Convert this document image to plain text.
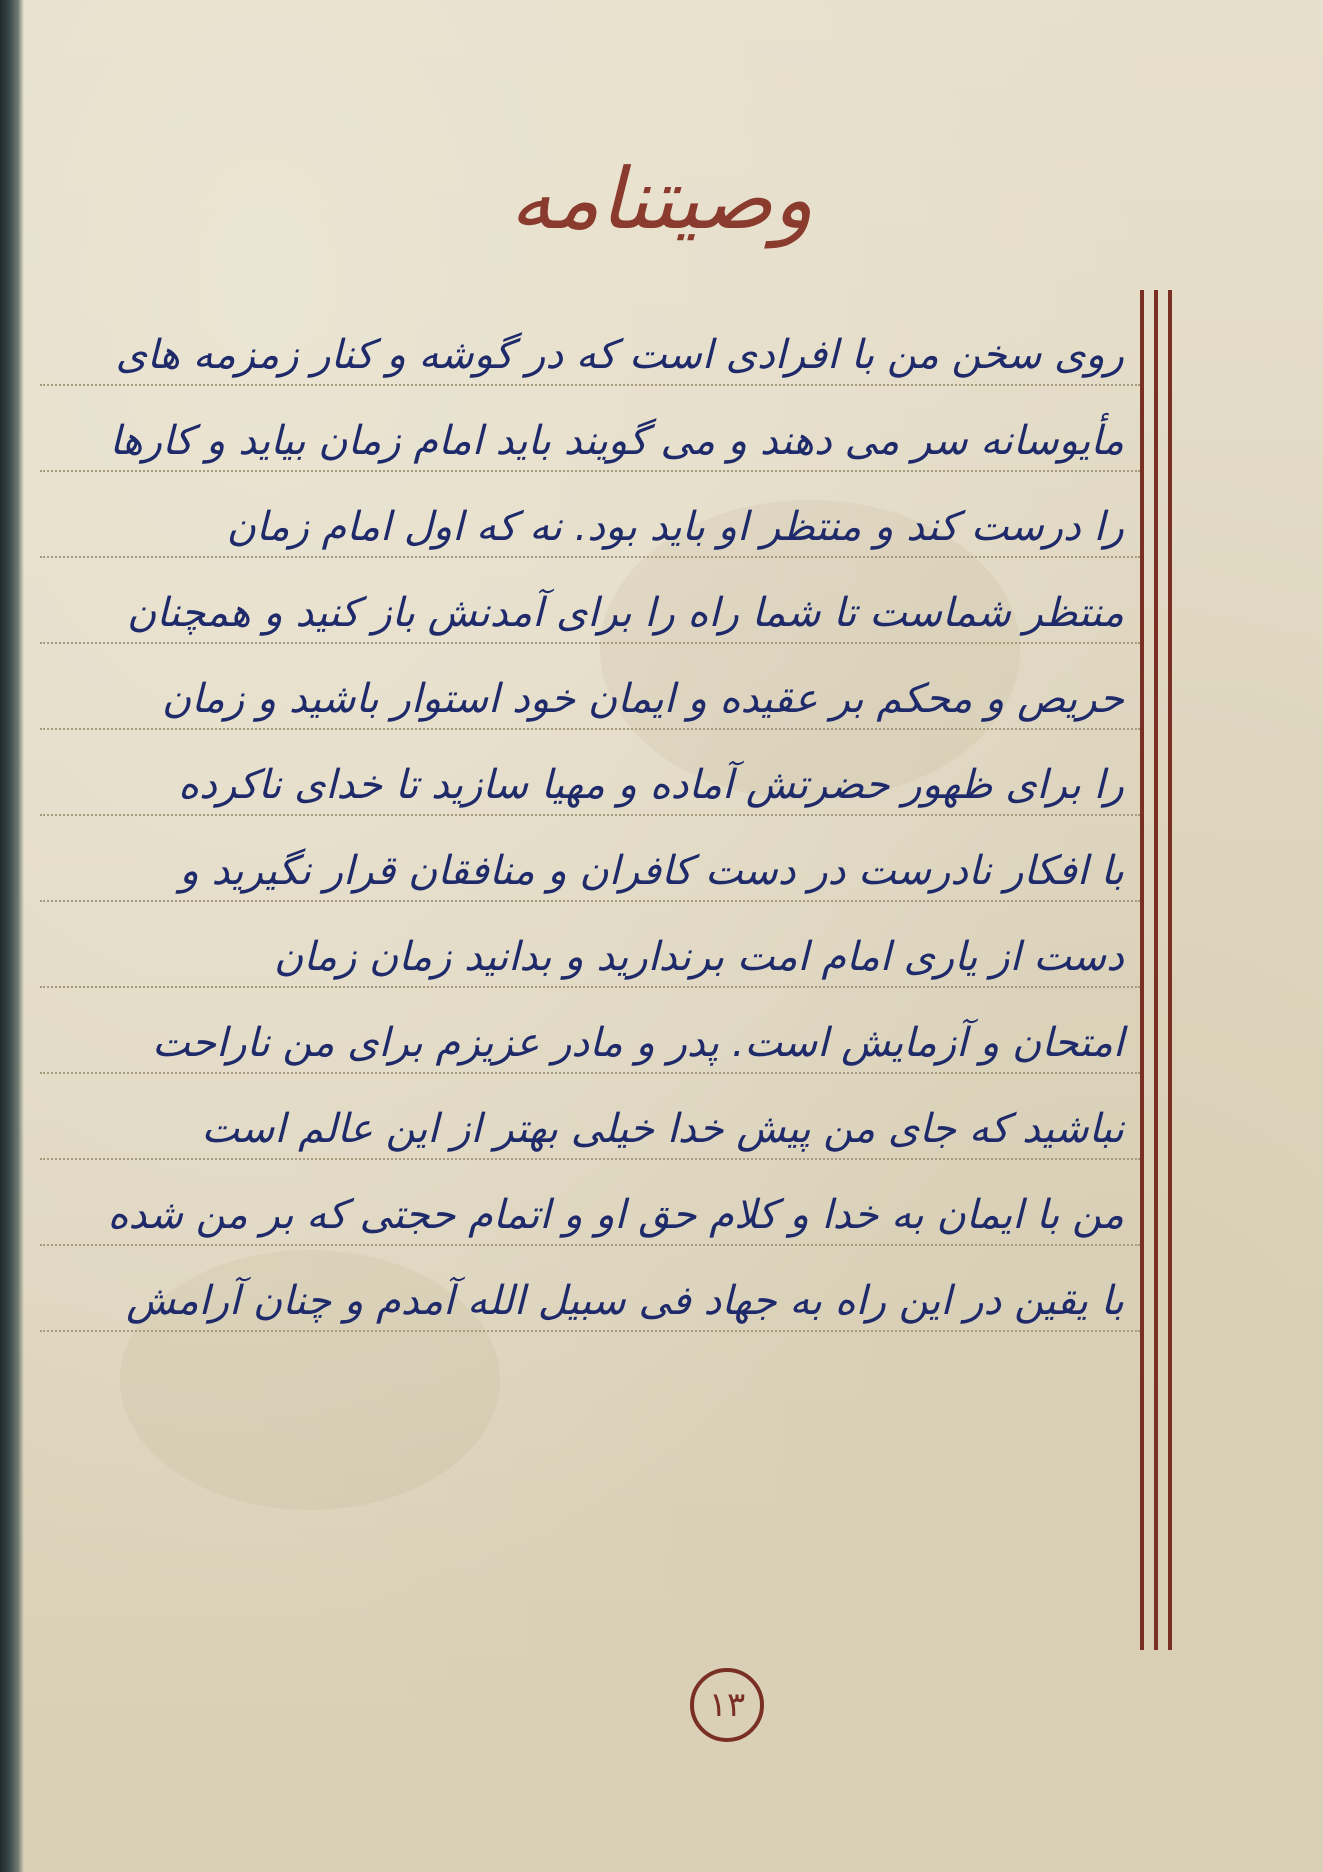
وصیتنامه
روی سخن من با افرادی است که در گوشه و کنار زمزمه های
مأیوسانه سر می دهند و می گویند باید امام زمان بیاید و کارها
را درست کند و منتظر او باید بود. نه که اول امام زمان
منتظر شماست تا شما راه را برای آمدنش باز کنید و همچنان
حریص و محکم بر عقیده و ایمان خود استوار باشید و زمان
را برای ظهور حضرتش آماده و مهیا سازید تا خدای ناکرده
با افکار نادرست در دست کافران و منافقان قرار نگیرید و
دست از یاری امام امت برندارید و بدانید زمان زمان
امتحان و آزمایش است. پدر و مادر عزیزم برای من ناراحت
نباشید که جای من پیش خدا خیلی بهتر از این عالم است
من با ایمان به خدا و کلام حق او و اتمام حجتی که بر من شده
با یقین در این راه به جهاد فی سبیل الله آمدم و چنان آرامش
۱۳
